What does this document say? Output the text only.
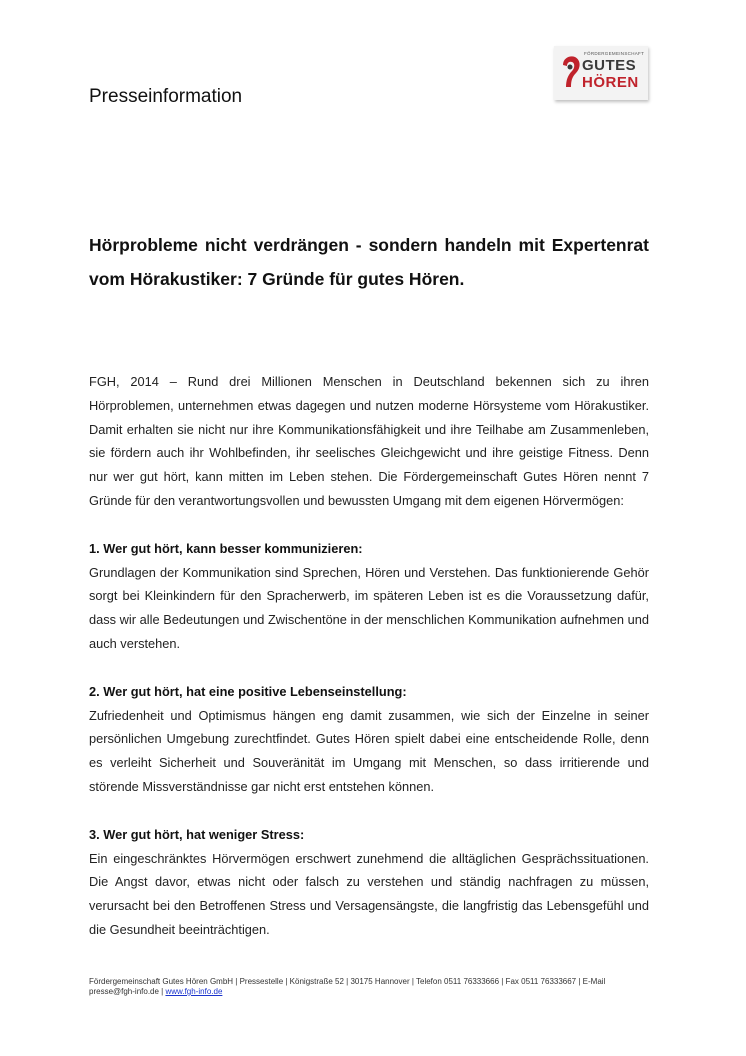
Presseinformation
FÖRDERGEMEINSCHAFT
GUTES
HÖREN
Hörprobleme nicht verdrängen - sondern handeln mit Expertenrat vom Hörakustiker: 7 Gründe für gutes Hören.

FGH, 2014 – Rund drei Millionen Menschen in Deutschland bekennen sich zu ihren Hörproblemen, unternehmen etwas dagegen und nutzen moderne Hörsysteme vom Hörakustiker. Damit erhalten sie nicht nur ihre Kommunikationsfähigkeit und ihre Teilhabe am Zusammenleben, sie fördern auch ihr Wohlbefinden, ihr seelisches Gleichgewicht und ihre geistige Fitness. Denn nur wer gut hört, kann mitten im Leben stehen. Die Fördergemeinschaft Gutes Hören nennt 7 Gründe für den verantwortungsvollen und bewussten Umgang mit dem eigenen Hörvermögen:

1. Wer gut hört, kann besser kommunizieren:

Grundlagen der Kommunikation sind Sprechen, Hören und Verstehen. Das funktionierende Gehör sorgt bei Kleinkindern für den Spracherwerb, im späteren Leben ist es die Voraussetzung dafür, dass wir alle Bedeutungen und Zwischentöne in der menschlichen Kommunikation aufnehmen und auch verstehen.

2. Wer gut hört, hat eine positive Lebenseinstellung:

Zufriedenheit und Optimismus hängen eng damit zusammen, wie sich der Einzelne in seiner persönlichen Umgebung zurechtfindet. Gutes Hören spielt dabei eine entscheidende Rolle, denn es verleiht Sicherheit und Souveränität im Umgang mit Menschen, so dass irritierende und störende Missverständnisse gar nicht erst entstehen können.

3. Wer gut hört, hat weniger Stress:

Ein eingeschränktes Hörvermögen erschwert zunehmend die alltäglichen Gesprächssituationen. Die Angst davor, etwas nicht oder falsch zu verstehen und ständig nachfragen zu müssen, verursacht bei den Betroffenen Stress und Versagensängste, die langfristig das Lebensgefühl und die Gesundheit beeinträchtigen.

Fördergemeinschaft Gutes Hören GmbH | Pressestelle | Königstraße 52 | 30175 Hannover | Telefon 0511 76333666 | Fax 0511 76333667 | E-Mail presse@fgh-info.de | www.fgh-info.de
